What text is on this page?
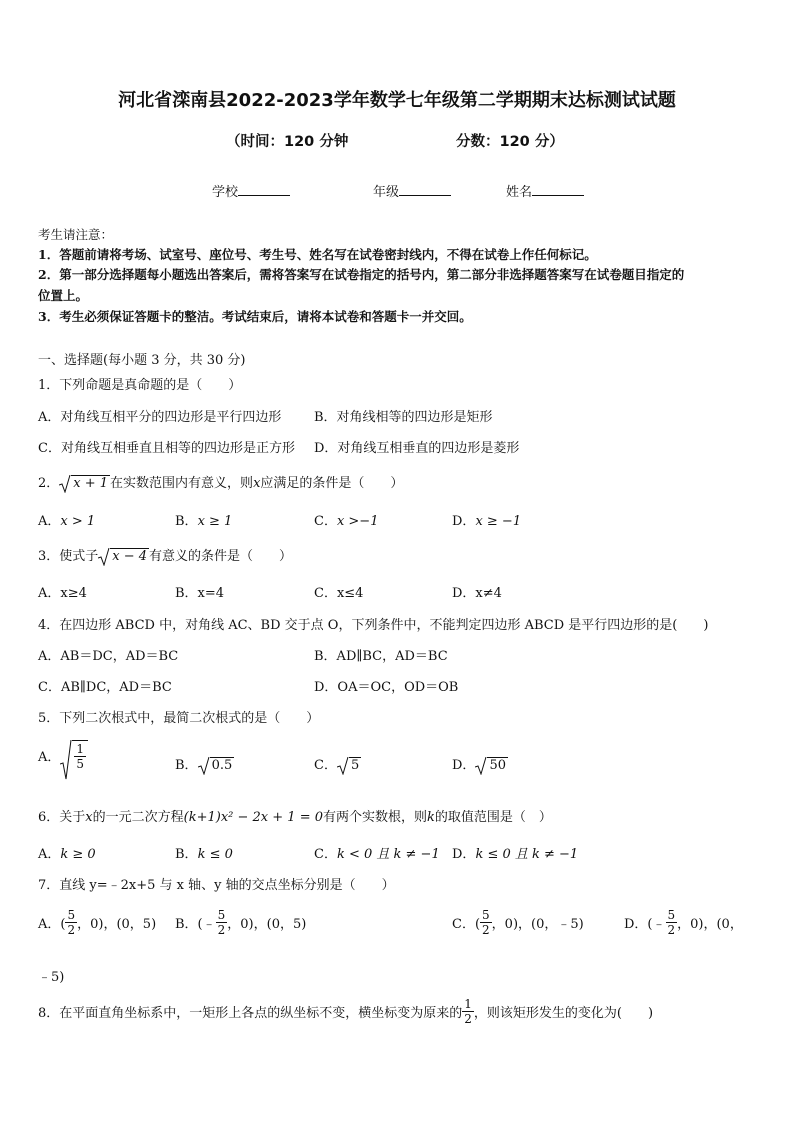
河北省滦南县2022-2023学年数学七年级第二学期期末达标测试试题
（时间：120 分钟	分数：120 分）
学校	年级	姓名
考生请注意：
1．答题前请将考场、试室号、座位号、考生号、姓名写在试卷密封线内，不得在试卷上作任何标记。
2．第一部分选择题每小题选出答案后，需将答案写在试卷指定的括号内，第二部分非选择题答案写在试卷题目指定的
位置上。
3．考生必须保证答题卡的整洁。考试结束后，请将本试卷和答题卡一并交回。
一、选择题(每小题 3 分，共 30 分)
1．下列命题是真命题的是（　　）
A．对角线互相平分的四边形是平行四边形	B．对角线相等的四边形是矩形
C．对角线互相垂直且相等的四边形是正方形 D．对角线互相垂直的四边形是菱形
2． x + 1 在实数范围内有意义，则x应满足的条件是（　　）
A．x > 1	B．x ≥ 1	C．x >−1	D．x ≥ −1
3．使式子 x − 4 有意义的条件是（　　）
A．x≥4	B．x=4	C．x≤4	D．x≠4
4．在四边形 ABCD 中，对角线 AC、BD 交于点 O，下列条件中，不能判定四边形 ABCD 是平行四边形的是(　　)
A．AB＝DC，AD＝BC	B．AD∥BC，AD＝BC
C．AB∥DC，AD＝BC	D．OA＝OC，OD＝OB
5．下列二次根式中，最简二次根式的是（　　）
A． $\frac{1}{5}$	B． 0.5	C． 5	D． 50
6．关于x的一元二次方程(k+1)x² − 2x + 1 = 0有两个实数根，则k的取值范围是（　）
A．k ≥ 0	B．k ≤ 0	C．k < 0 且 k ≠ −1 D．k ≤ 0 且 k ≠ −1
7．直线 y=﹣2x+5 与 x 轴、y 轴的交点坐标分别是（　　）
A．( $\frac{5}{2}$ ，0)，(0，5) B．(﹣ $\frac{5}{2}$ ，0)，(0，5)	C．( $\frac{5}{2}$ ，0)，(0，﹣5)	D．(﹣ $\frac{5}{2}$ ，0)，(0，
﹣5)
8．在平面直角坐标系中，一矩形上各点的纵坐标不变，横坐标变为原来的 $\frac{1}{2}$ ，则该矩形发生的变化为(　　)
